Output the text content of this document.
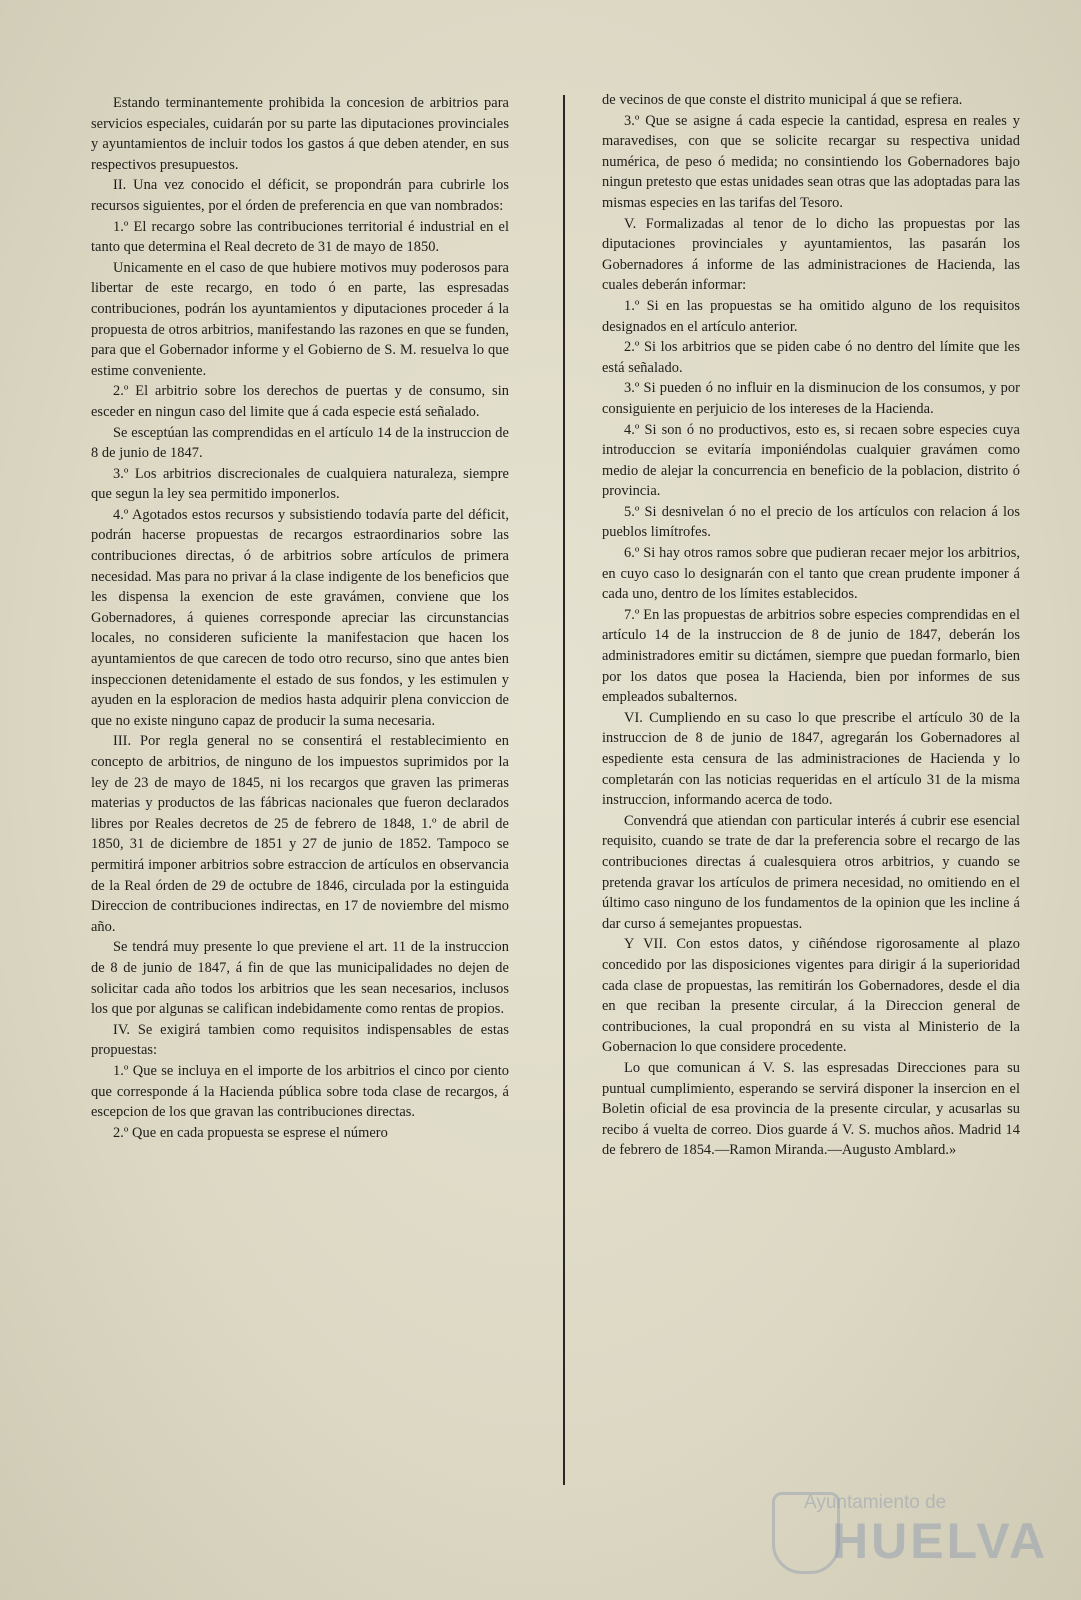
Estando terminantemente prohibida la concesion de arbitrios para servicios especiales, cuidarán por su parte las diputaciones provinciales y ayuntamientos de incluir todos los gastos á que deben atender, en sus respectivos presupuestos.

II. Una vez conocido el déficit, se propondrán para cubrirle los recursos siguientes, por el órden de preferencia en que van nombrados:

1.º El recargo sobre las contribuciones territorial é industrial en el tanto que determina el Real decreto de 31 de mayo de 1850.

Unicamente en el caso de que hubiere motivos muy poderosos para libertar de este recargo, en todo ó en parte, las espresadas contribuciones, podrán los ayuntamientos y diputaciones proceder á la propuesta de otros arbitrios, manifestando las razones en que se funden, para que el Gobernador informe y el Gobierno de S. M. resuelva lo que estime conveniente.

2.º El arbitrio sobre los derechos de puertas y de consumo, sin esceder en ningun caso del limite que á cada especie está señalado.

Se esceptúan las comprendidas en el artículo 14 de la instruccion de 8 de junio de 1847.

3.º Los arbitrios discrecionales de cualquiera naturaleza, siempre que segun la ley sea permitido imponerlos.

4.º Agotados estos recursos y subsistiendo todavía parte del déficit, podrán hacerse propuestas de recargos estraordinarios sobre las contribuciones directas, ó de arbitrios sobre artículos de primera necesidad. Mas para no privar á la clase indigente de los beneficios que les dispensa la exencion de este gravámen, conviene que los Gobernadores, á quienes corresponde apreciar las circunstancias locales, no consideren suficiente la manifestacion que hacen los ayuntamientos de que carecen de todo otro recurso, sino que antes bien inspeccionen detenidamente el estado de sus fondos, y les estimulen y ayuden en la esploracion de medios hasta adquirir plena conviccion de que no existe ninguno capaz de producir la suma necesaria.

III. Por regla general no se consentirá el restablecimiento en concepto de arbitrios, de ninguno de los impuestos suprimidos por la ley de 23 de mayo de 1845, ni los recargos que graven las primeras materias y productos de las fábricas nacionales que fueron declarados libres por Reales decretos de 25 de febrero de 1848, 1.º de abril de 1850, 31 de diciembre de 1851 y 27 de junio de 1852. Tampoco se permitirá imponer arbitrios sobre estraccion de artículos en observancia de la Real órden de 29 de octubre de 1846, circulada por la estinguida Direccion de contribuciones indirectas, en 17 de noviembre del mismo año.

Se tendrá muy presente lo que previene el art. 11 de la instruccion de 8 de junio de 1847, á fin de que las municipalidades no dejen de solicitar cada año todos los arbitrios que les sean necesarios, inclusos los que por algunas se califican indebidamente como rentas de propios.

IV. Se exigirá tambien como requisitos indispensables de estas propuestas:

1.º Que se incluya en el importe de los arbitrios el cinco por ciento que corresponde á la Hacienda pública sobre toda clase de recargos, á escepcion de los que gravan las contribuciones directas.

2.º Que en cada propuesta se esprese el número

de vecinos de que conste el distrito municipal á que se refiera.

3.º Que se asigne á cada especie la cantidad, espresa en reales y maravedises, con que se solicite recargar su respectiva unidad numérica, de peso ó medida; no consintiendo los Gobernadores bajo ningun pretesto que estas unidades sean otras que las adoptadas para las mismas especies en las tarifas del Tesoro.

V. Formalizadas al tenor de lo dicho las propuestas por las diputaciones provinciales y ayuntamientos, las pasarán los Gobernadores á informe de las administraciones de Hacienda, las cuales deberán informar:

1.º Si en las propuestas se ha omitido alguno de los requisitos designados en el artículo anterior.

2.º Si los arbitrios que se piden cabe ó no dentro del límite que les está señalado.

3.º Si pueden ó no influir en la disminucion de los consumos, y por consiguiente en perjuicio de los intereses de la Hacienda.

4.º Si son ó no productivos, esto es, si recaen sobre especies cuya introduccion se evitaría imponiéndolas cualquier gravámen como medio de alejar la concurrencia en beneficio de la poblacion, distrito ó provincia.

5.º Si desnivelan ó no el precio de los artículos con relacion á los pueblos limítrofes.

6.º Si hay otros ramos sobre que pudieran recaer mejor los arbitrios, en cuyo caso lo designarán con el tanto que crean prudente imponer á cada uno, dentro de los límites establecidos.

7.º En las propuestas de arbitrios sobre especies comprendidas en el artículo 14 de la instruccion de 8 de junio de 1847, deberán los administradores emitir su dictámen, siempre que puedan formarlo, bien por los datos que posea la Hacienda, bien por informes de sus empleados subalternos.

VI. Cumpliendo en su caso lo que prescribe el artículo 30 de la instruccion de 8 de junio de 1847, agregarán los Gobernadores al espediente esta censura de las administraciones de Hacienda y lo completarán con las noticias requeridas en el artículo 31 de la misma instruccion, informando acerca de todo.

Convendrá que atiendan con particular interés á cubrir ese esencial requisito, cuando se trate de dar la preferencia sobre el recargo de las contribuciones directas á cualesquiera otros arbitrios, y cuando se pretenda gravar los artículos de primera necesidad, no omitiendo en el último caso ninguno de los fundamentos de la opinion que les incline á dar curso á semejantes propuestas.

Y VII. Con estos datos, y ciñéndose rigorosamente al plazo concedido por las disposiciones vigentes para dirigir á la superioridad cada clase de propuestas, las remitirán los Gobernadores, desde el dia en que reciban la presente circular, á la Direccion general de contribuciones, la cual propondrá en su vista al Ministerio de la Gobernacion lo que considere procedente.

Lo que comunican á V. S. las espresadas Direcciones para su puntual cumplimiento, esperando se servirá disponer la insercion en el Boletin oficial de esa provincia de la presente circular, y acusarlas su recibo á vuelta de correo. Dios guarde á V. S. muchos años. Madrid 14 de febrero de 1854.—Ramon Miranda.—Augusto Amblard.»

Ayuntamiento de
HUELVA
